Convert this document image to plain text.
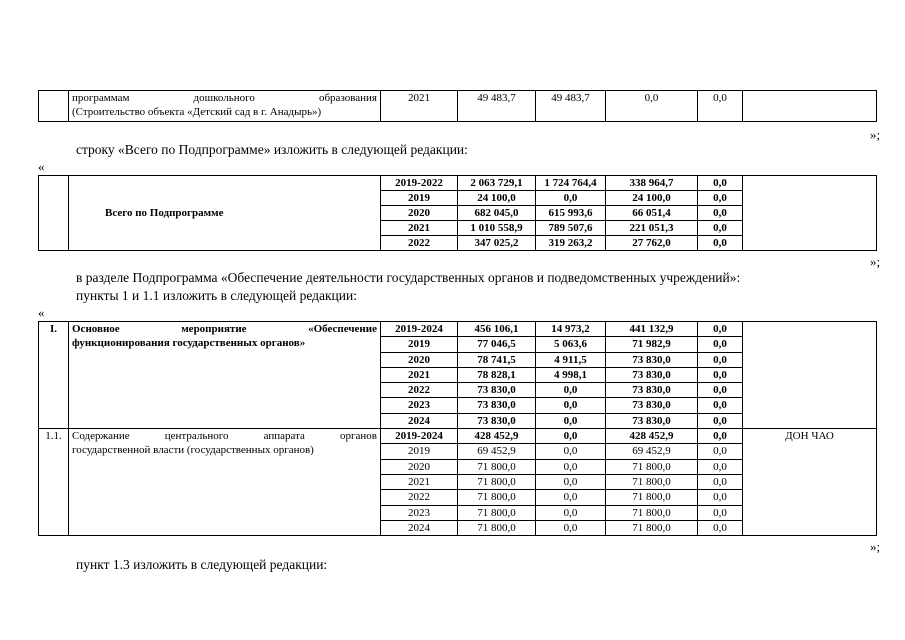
программам дошкольного образования
(Строительство объекта «Детский сад в г. Анадырь»)
	2021	49 483,7	49 483,7	0,0	0,0	
»;
строку «Всего по Подпрограмме» изложить в следующей редакции:
«
	Всего по Подпрограмме	2019-2022	2 063 729,1	1 724 764,4	338 964,7	0,0	
		2019	24 100,0	0,0	24 100,0	0,0	
		2020	682 045,0	615 993,6	66 051,4	0,0	
		2021	1 010 558,9	789 507,6	221 051,3	0,0	
		2022	347 025,2	319 263,2	27 762,0	0,0	
»;
в разделе Подпрограмма «Обеспечение деятельности государственных органов и подведомственных учреждений»:
пункты 1 и 1.1 изложить в следующей редакции:
«
I.	Основное мероприятие «Обеспечение
функционирования государственных органов»	2019-2024	456 106,1	14 973,2	441 132,9	0,0	
		2019	77 046,5	5 063,6	71 982,9	0,0	
		2020	78 741,5	4 911,5	73 830,0	0,0	
		2021	78 828,1	4 998,1	73 830,0	0,0	
		2022	73 830,0	0,0	73 830,0	0,0	
		2023	73 830,0	0,0	73 830,0	0,0	
		2024	73 830,0	0,0	73 830,0	0,0	
1.1.	Содержание центрального аппарата органов
государственной власти (государственных органов)	2019-2024	428 452,9	0,0	428 452,9	0,0	ДОН ЧАО
		2019	69 452,9	0,0	69 452,9	0,0	
		2020	71 800,0	0,0	71 800,0	0,0	
		2021	71 800,0	0,0	71 800,0	0,0	
		2022	71 800,0	0,0	71 800,0	0,0	
		2023	71 800,0	0,0	71 800,0	0,0	
		2024	71 800,0	0,0	71 800,0	0,0	
»;
пункт 1.3 изложить в следующей редакции:
